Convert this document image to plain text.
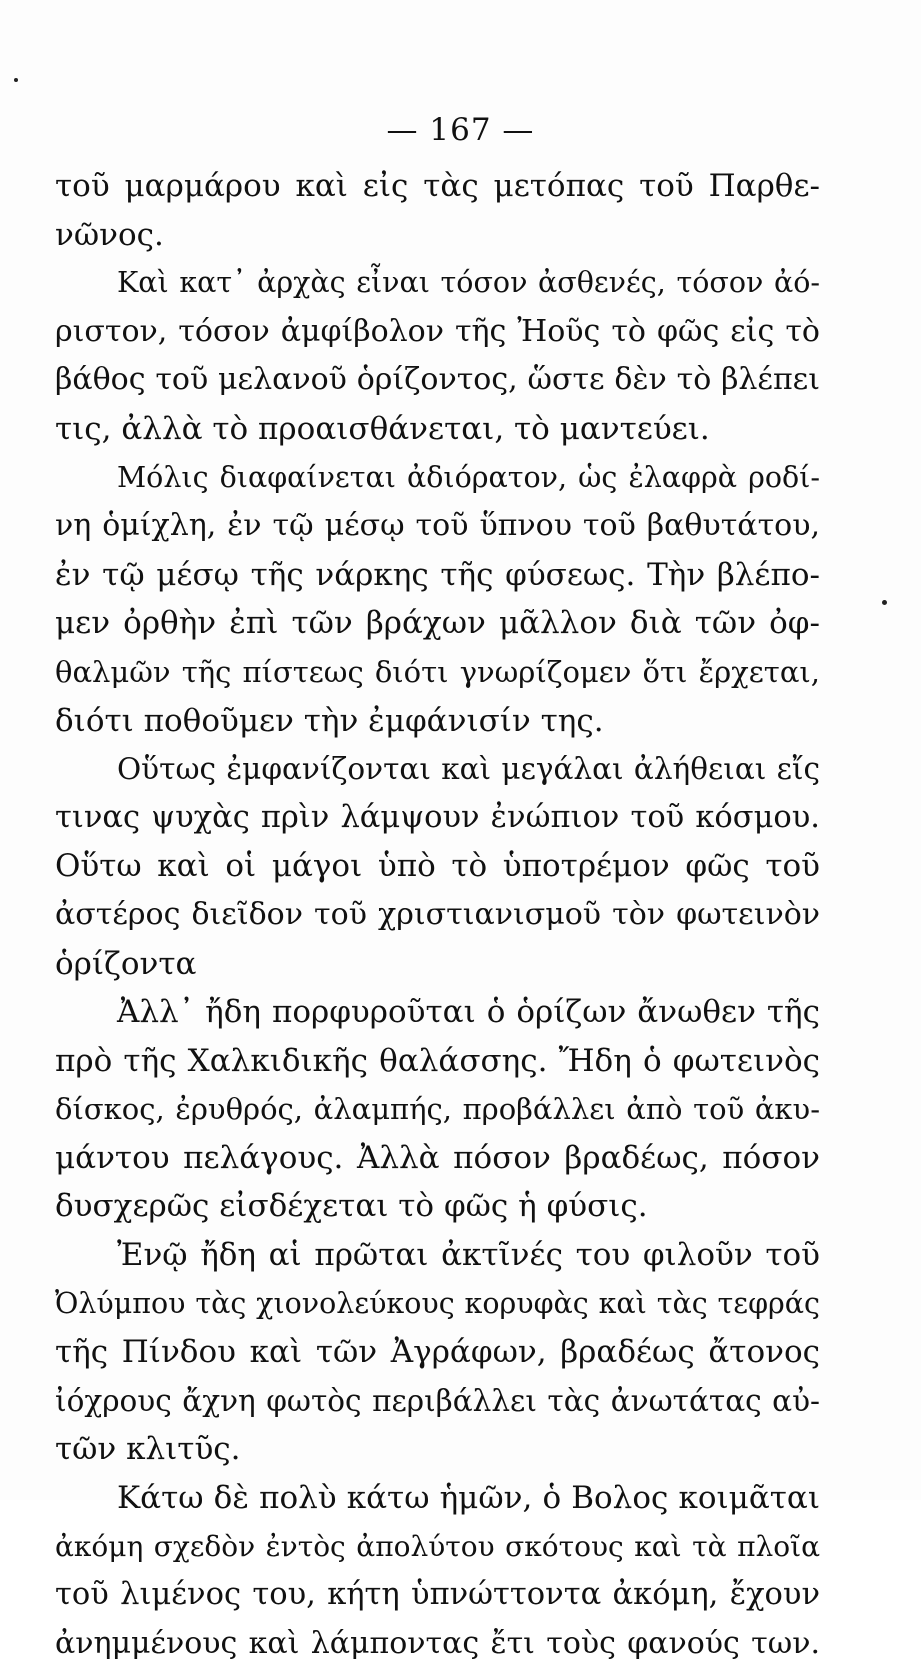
— 167 —
τοῦ μαρμάρου καὶ εἰς τὰς μετόπας τοῦ Παρθε-
νῶνος.
Καὶ κατ᾽ ἀρχὰς εἶναι τόσον ἀσθενές, τόσον ἀό-
ριστον, τόσον ἀμφίβολον τῆς Ἠοῦς τὸ φῶς εἰς τὸ
βάθος τοῦ μελανοῦ ὁρίζοντος, ὥστε δὲν τὸ βλέπει
τις, ἀλλὰ τὸ προαισθάνεται, τὸ μαντεύει.
Μόλις διαφαίνεται ἀδιόρατον, ὡς ἐλαφρὰ ροδί-
νη ὁμίχλη, ἐν τῷ μέσῳ τοῦ ὕπνου τοῦ βαθυτάτου,
ἐν τῷ μέσῳ τῆς νάρκης τῆς φύσεως. Τὴν βλέπο-
μεν ὀρθὴν ἐπὶ τῶν βράχων μᾶλλον διὰ τῶν ὀφ-
θαλμῶν τῆς πίστεως διότι γνωρίζομεν ὅτι ἔρχεται,
διότι ποθοῦμεν τὴν ἐμφάνισίν της.
Οὕτως ἐμφανίζονται καὶ μεγάλαι ἀλήθειαι εἴς
τινας ψυχὰς πρὶν λάμψουν ἐνώπιον τοῦ κόσμου.
Οὕτω καὶ οἱ μάγοι ὑπὸ τὸ ὑποτρέμον φῶς τοῦ
ἀστέρος διεῖδον τοῦ χριστιανισμοῦ τὸν φωτεινὸν
ὁρίζοντα
Ἀλλ᾽ ἤδη πορφυροῦται ὁ ὁρίζων ἄνωθεν τῆς
πρὸ τῆς Χαλκιδικῆς θαλάσσης. Ἤδη ὁ φωτεινὸς
δίσκος, ἐρυθρός, ἀλαμπής, προβάλλει ἀπὸ τοῦ ἀκυ-
μάντου πελάγους. Ἀλλὰ πόσον βραδέως, πόσον
δυσχερῶς εἰσδέχεται τὸ φῶς ἡ φύσις.
Ἐνῷ ἤδη αἱ πρῶται ἀκτῖνές του φιλοῦν τοῦ
Ὀλύμπου τὰς χιονολεύκους κορυφὰς καὶ τὰς τεφράς
τῆς Πίνδου καὶ τῶν Ἀγράφων, βραδέως ἄτονος
ἰόχρους ἄχνη φωτὸς περιβάλλει τὰς ἀνωτάτας αὐ-
τῶν κλιτῦς.
Κάτω δὲ πολὺ κάτω ἡμῶν, ὁ Βολος κοιμᾶται
ἀκόμη σχεδὸν ἐντὸς ἀπολύτου σκότους καὶ τὰ πλοῖα
τοῦ λιμένος του, κήτη ὑπνώττοντα ἀκόμη, ἔχουν
ἀνημμένους καὶ λάμποντας ἔτι τοὺς φανούς των.
